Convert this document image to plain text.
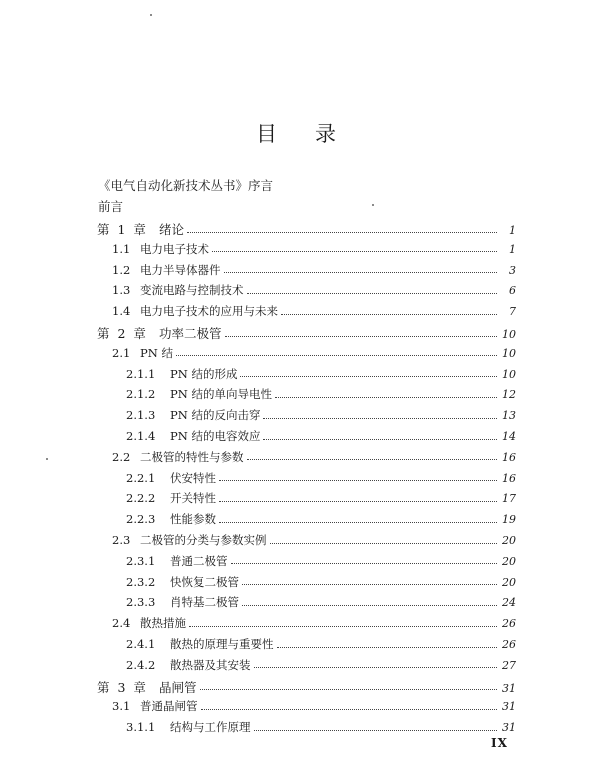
目录
《电气自动化新技术丛书》序言
前言
第 1 章 绪论	1
1.1 电力电子技术	1
1.2 电力半导体器件	3
1.3 变流电路与控制技术	6
1.4 电力电子技术的应用与未来	7
第 2 章 功率二极管	10
2.1 PN 结	10
2.1.1	PN 结的形成	10
2.1.2	PN 结的单向导电性	12
2.1.3	PN 结的反向击穿	13
2.1.4	PN 结的电容效应	14
2.2 二极管的特性与参数	16
2.2.1	伏安特性	16
2.2.2	开关特性	17
2.2.3	性能参数	19
2.3 二极管的分类与参数实例	20
2.3.1	普通二极管	20
2.3.2	快恢复二极管	20
2.3.3	肖特基二极管	24
2.4 散热措施	26
2.4.1	散热的原理与重要性	26
2.4.2	散热器及其安装	27
第 3 章 晶闸管	31
3.1 普通晶闸管	31
3.1.1	结构与工作原理	31
IX
